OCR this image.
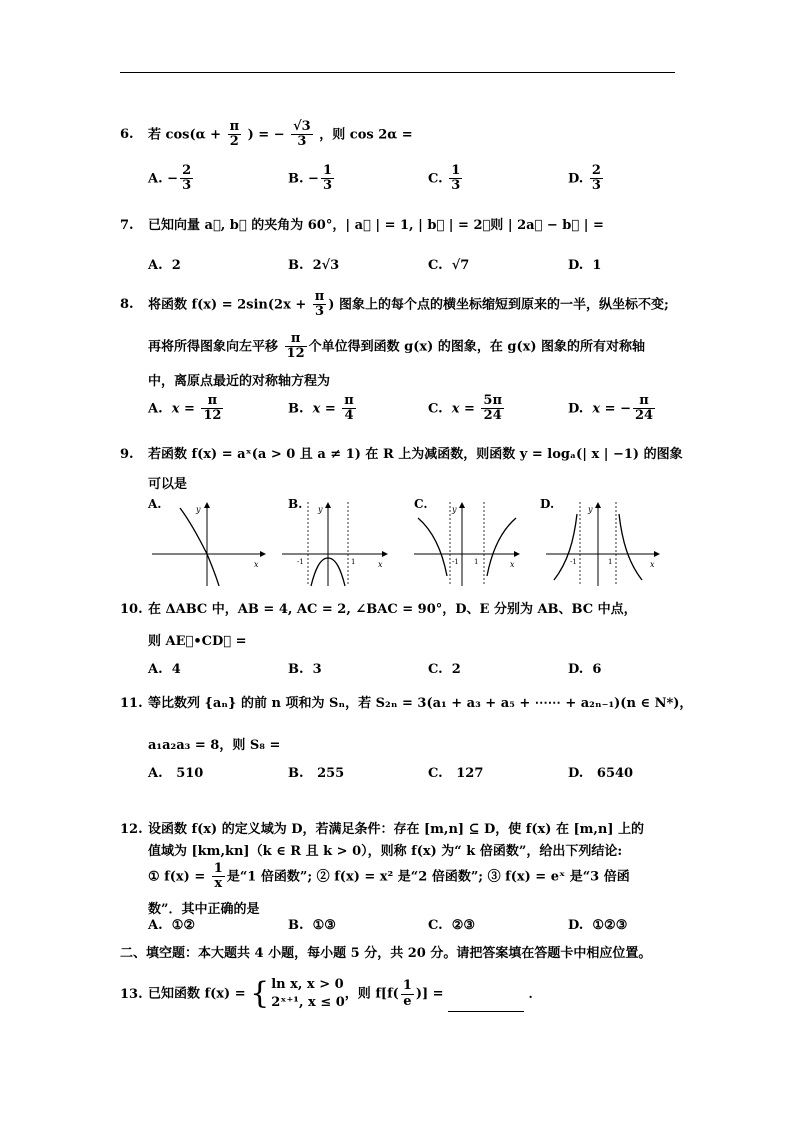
6. 若 $\cos(\alpha + \frac{\pi}{2}$ ) = − $\frac{√3}{3}$ ，则 cos 2α =
A. − $\frac{2}{3}$	B. − $\frac{1}{3}$	C. $\frac{1}{3}$	D. $\frac{2}{3}$
7. 已知向量 a⃗, b⃗ 的夹角为 60°，| a⃗ | = 1, | b⃗ | = 2，则 | 2a⃗ − b⃗ | =
A. 2	B. 2√3	C. √7	D. 1
8. 将函数 $f(x) = 2\sin(2x + \frac{\pi}{3}$ ) 图象上的每个点的横坐标缩短到原来的一半，纵坐标不变;
再将所得图象向左平移 $\frac{\pi}{12}$ 个单位得到函数 g(x) 的图象，在 g(x) 图象的所有对称轴
中，离原点最近的对称轴方程为
A. $x = \frac{\pi}{12}$	B. $x = \frac{\pi}{4}$	C. $x = \frac{5\pi}{24}$	D. x = − $\frac{\pi}{24}$
9. 若函数 f(x) = aˣ(a > 0 且 a ≠ 1) 在 R 上为减函数，则函数 y = logₐ(| x | −1) 的图象
可以是
A.	y
x
B. y
x
-1	1
C.	y
x
-1 1
D.	y
x
-1	1
10. 在 ΔABC 中，AB = 4, AC = 2, ∠BAC = 90°，D、E 分别为 AB、BC 中点，
则 AE⃗•CD⃗ =
A. 4	B. 3	C. 2	D. 6
11. 等比数列 {aₙ} 的前 n 项和为 Sₙ，若 S₂ₙ = 3(a₁ + a₃ + a₅ + ⋯⋯ + a₂ₙ₋₁)(n ∈ N*)，
a₁a₂a₃ = 8，则 S₈ =
A. 510	B. 255	C. 127	D. 6540
12. 设函数 f(x) 的定义域为 D，若满足条件：存在 [m,n] ⊆ D，使 f(x) 在 [m,n] 上的
值域为 [km,kn]（k ∈ R 且 k > 0），则称 f(x) 为“ k 倍函数”，给出下列结论:
① $f(x) = \frac{1}{x}$ 是“1 倍函数”; ② f(x) = x² 是“2 倍函数”; ③ f(x) = eˣ 是“3 倍函
数”．其中正确的是
A. ①②	B. ①③	C. ②③	D. ①②③
二、填空题：本大题共 4 小题，每小题 5 分，共 20 分。请把答案填在答题卡中相应位置。
13. 已知函数 f(x) = { ln x, x > 0
2ˣ⁺¹, x ≤ 0，则 $f[f( \frac{1}{e}$ )] =	．
